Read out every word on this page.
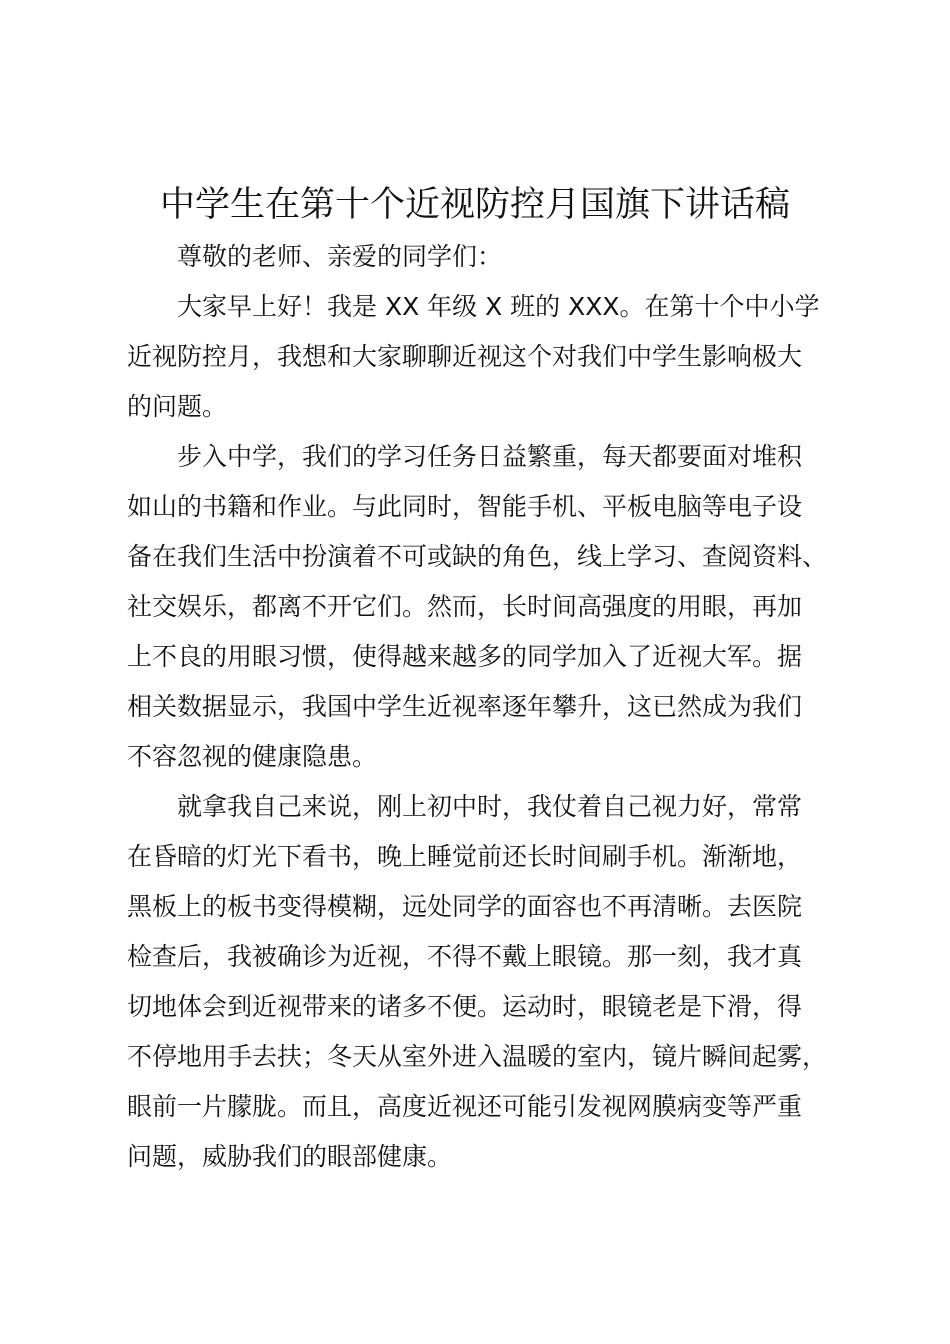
中学生在第十个近视防控月国旗下讲话稿
尊敬的老师、亲爱的同学们：
大家早上好！我是 XX 年级 X 班的 XXX。在第十个中小学
近视防控月，我想和大家聊聊近视这个对我们中学生影响极大
的问题。
步入中学，我们的学习任务日益繁重，每天都要面对堆积
如山的书籍和作业。与此同时，智能手机、平板电脑等电子设
备在我们生活中扮演着不可或缺的角色，线上学习、查阅资料、
社交娱乐，都离不开它们。然而，长时间高强度的用眼，再加
上不良的用眼习惯，使得越来越多的同学加入了近视大军。据
相关数据显示，我国中学生近视率逐年攀升，这已然成为我们
不容忽视的健康隐患。
就拿我自己来说，刚上初中时，我仗着自己视力好，常常
在昏暗的灯光下看书，晚上睡觉前还长时间刷手机。渐渐地，
黑板上的板书变得模糊，远处同学的面容也不再清晰。去医院
检查后，我被确诊为近视，不得不戴上眼镜。那一刻，我才真
切地体会到近视带来的诸多不便。运动时，眼镜老是下滑，得
不停地用手去扶；冬天从室外进入温暖的室内，镜片瞬间起雾，
眼前一片朦胧。而且，高度近视还可能引发视网膜病变等严重
问题，威胁我们的眼部健康。
